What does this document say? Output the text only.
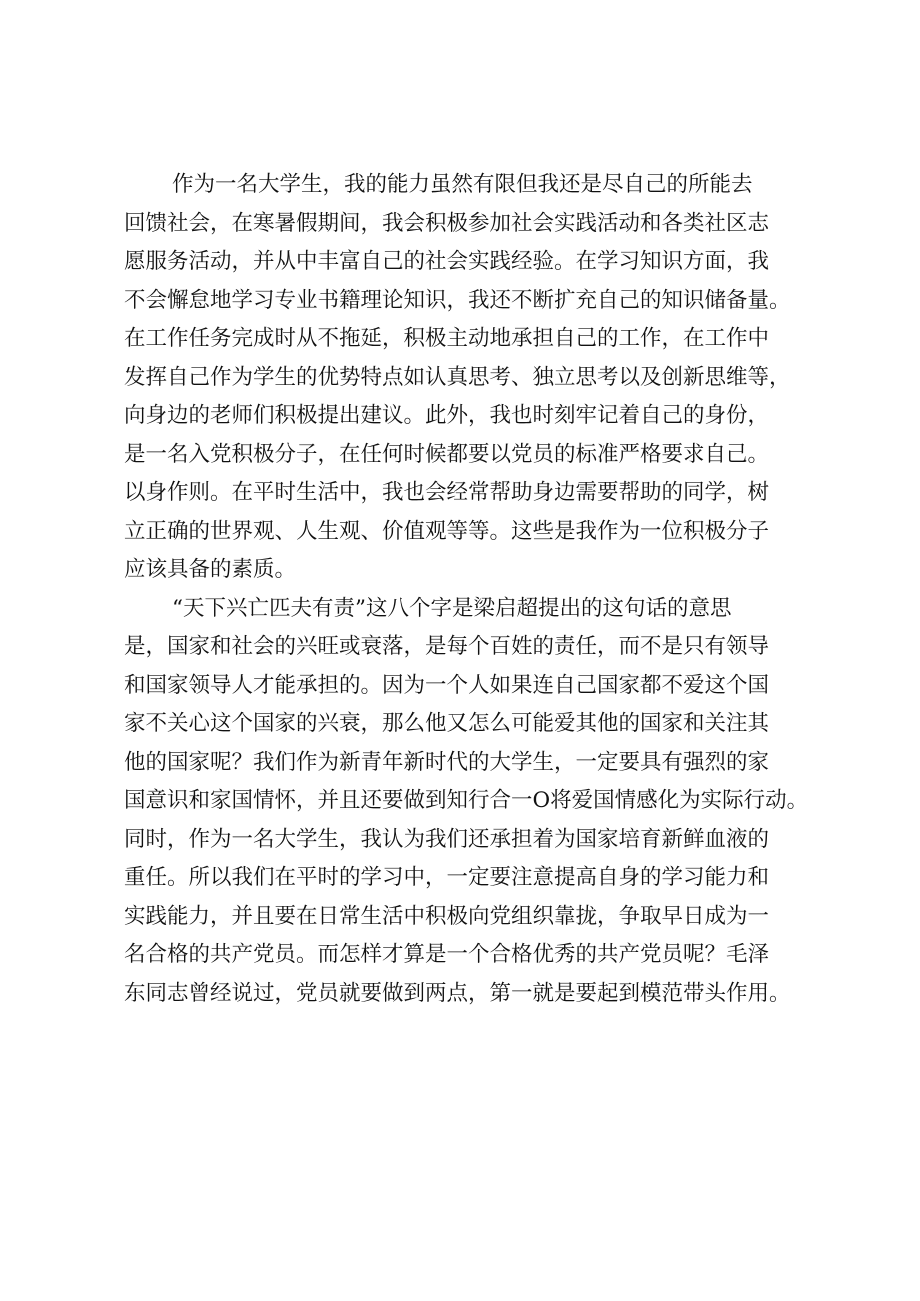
作为一名大学生，我的能力虽然有限但我还是尽自己的所能去
回馈社会，在寒暑假期间，我会积极参加社会实践活动和各类社区志
愿服务活动，并从中丰富自己的社会实践经验。在学习知识方面，我
不会懈怠地学习专业书籍理论知识，我还不断扩充自己的知识储备量。
在工作任务完成时从不拖延，积极主动地承担自己的工作，在工作中
发挥自己作为学生的优势特点如认真思考、独立思考以及创新思维等，
向身边的老师们积极提出建议。此外，我也时刻牢记着自己的身份，
是一名入党积极分子，在任何时候都要以党员的标准严格要求自己。
以身作则。在平时生活中，我也会经常帮助身边需要帮助的同学，树
立正确的世界观、人生观、价值观等等。这些是我作为一位积极分子
应该具备的素质。
“天下兴亡匹夫有责”这八个字是梁启超提出的这句话的意思
是，国家和社会的兴旺或衰落，是每个百姓的责任，而不是只有领导
和国家领导人才能承担的。因为一个人如果连自己国家都不爱这个国
家不关心这个国家的兴衰，那么他又怎么可能爱其他的国家和关注其
他的国家呢？我们作为新青年新时代的大学生，一定要具有强烈的家
国意识和家国情怀，并且还要做到知行合一O将爱国情感化为实际行动。
同时，作为一名大学生，我认为我们还承担着为国家培育新鲜血液的
重任。所以我们在平时的学习中，一定要注意提高自身的学习能力和
实践能力，并且要在日常生活中积极向党组织靠拢，争取早日成为一
名合格的共产党员。而怎样才算是一个合格优秀的共产党员呢？毛泽
东同志曾经说过，党员就要做到两点，第一就是要起到模范带头作用。
